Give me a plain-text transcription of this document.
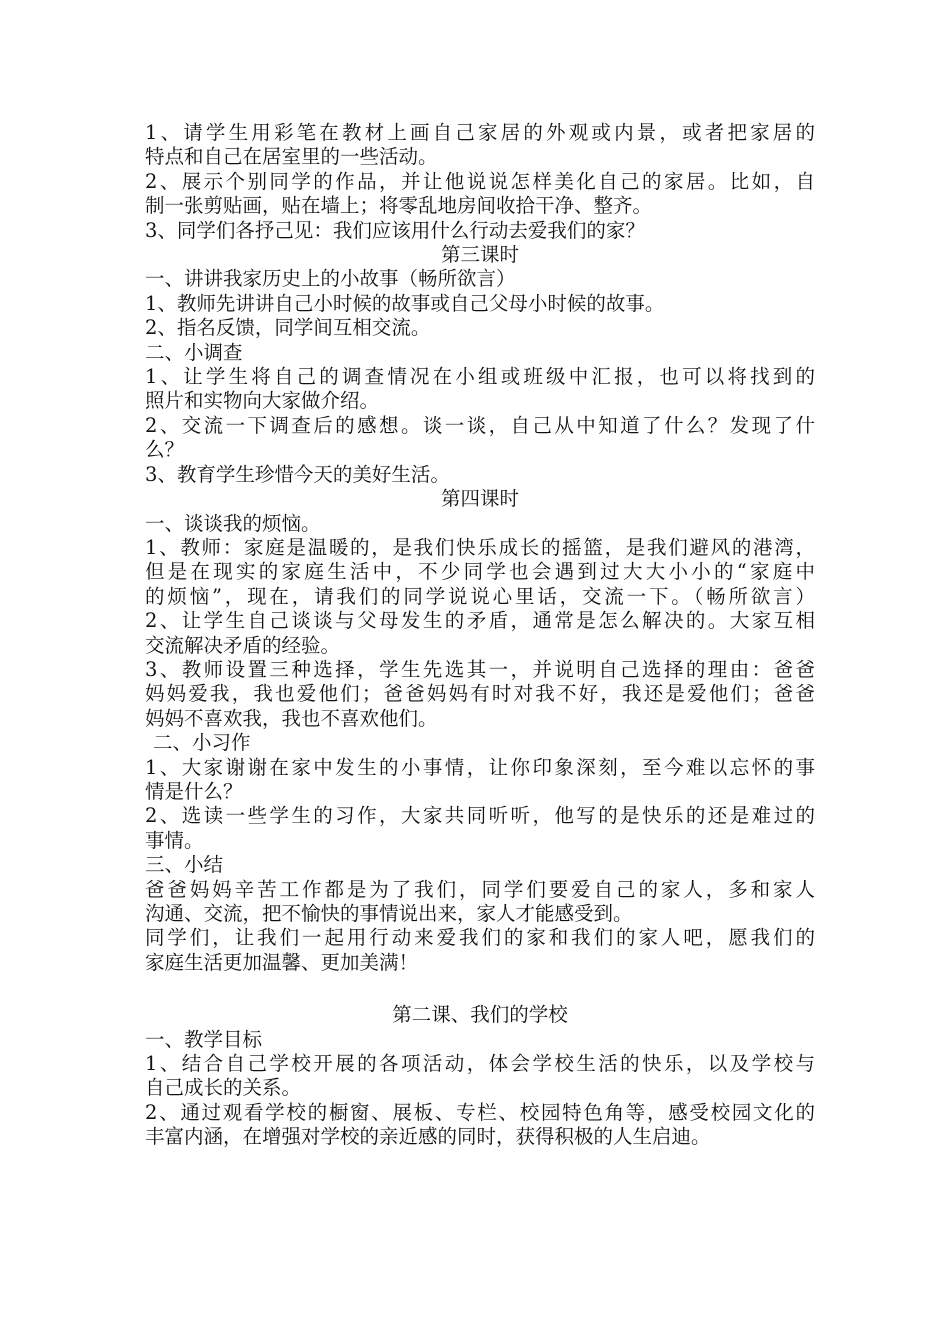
1、请学生用彩笔在教材上画自己家居的外观或内景，或者把家居的
特点和自己在居室里的一些活动。
2、展示个别同学的作品，并让他说说怎样美化自己的家居。比如，自
制一张剪贴画，贴在墙上；将零乱地房间收拾干净、整齐。
3、同学们各抒己见：我们应该用什么行动去爱我们的家？
第三课时
一、讲讲我家历史上的小故事（畅所欲言）
1、教师先讲讲自己小时候的故事或自己父母小时候的故事。
2、指名反馈，同学间互相交流。
二、小调查
1、让学生将自己的调查情况在小组或班级中汇报，也可以将找到的
照片和实物向大家做介绍。
2、交流一下调查后的感想。谈一谈，自己从中知道了什么？发现了什
么？
3、教育学生珍惜今天的美好生活。
第四课时
一、谈谈我的烦恼。
1、教师：家庭是温暖的，是我们快乐成长的摇篮，是我们避风的港湾，
但是在现实的家庭生活中，不少同学也会遇到过大大小小的“家庭中
的烦恼”，现在，请我们的同学说说心里话，交流一下。（畅所欲言）
2、让学生自己谈谈与父母发生的矛盾，通常是怎么解决的。大家互相
交流解决矛盾的经验。
3、教师设置三种选择，学生先选其一，并说明自己选择的理由：爸爸
妈妈爱我，我也爱他们；爸爸妈妈有时对我不好，我还是爱他们；爸爸
妈妈不喜欢我，我也不喜欢他们。
二、小习作
1、大家谢谢在家中发生的小事情，让你印象深刻，至今难以忘怀的事
情是什么？
2、选读一些学生的习作，大家共同听听，他写的是快乐的还是难过的
事情。
三、小结
爸爸妈妈辛苦工作都是为了我们，同学们要爱自己的家人，多和家人
沟通、交流，把不愉快的事情说出来，家人才能感受到。
同学们，让我们一起用行动来爱我们的家和我们的家人吧，愿我们的
家庭生活更加温馨、更加美满！
第二课、我们的学校
一、教学目标
1、结合自己学校开展的各项活动，体会学校生活的快乐，以及学校与
自己成长的关系。
2、通过观看学校的橱窗、展板、专栏、校园特色角等，感受校园文化的
丰富内涵，在增强对学校的亲近感的同时，获得积极的人生启迪。
